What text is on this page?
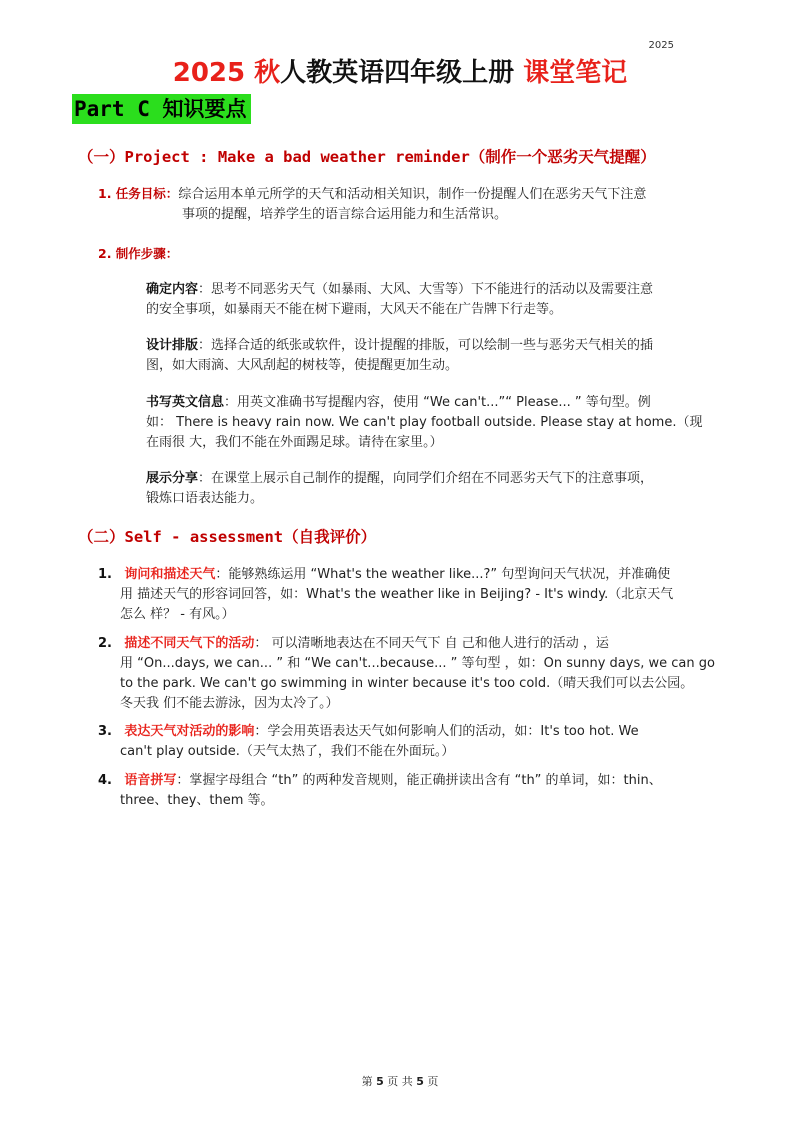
2025
2025 秋人教英语四年级上册 课堂笔记
Part C 知识要点
（一）Project : Make a bad weather reminder（制作一个恶劣天气提醒）
1. 任务目标：综合运用本单元所学的天气和活动相关知识，制作一份提醒人们在恶劣天气下注意
事项的提醒，培养学生的语言综合运用能力和生活常识。
2. 制作步骤：
确定内容：思考不同恶劣天气（如暴雨、大风、大雪等）下不能进行的活动以及需要注意
的安全事项，如暴雨天不能在树下避雨，大风天不能在广告牌下行走等。
设计排版：选择合适的纸张或软件，设计提醒的排版，可以绘制一些与恶劣天气相关的插
图，如大雨滴、大风刮起的树枝等，使提醒更加生动。
书写英文信息：用英文准确书写提醒内容，使用 “We can't...”“ Please... ” 等句型。例
如： There is heavy rain now. We can't play football outside. Please stay at home.（现
在雨很 大，我们不能在外面踢足球。请待在家里。）
展示分享：在课堂上展示自己制作的提醒，向同学们介绍在不同恶劣天气下的注意事项，
锻炼口语表达能力。
（二）Self - assessment（自我评价）
1. 询问和描述天气：能够熟练运用 “What's the weather like...?” 句型询问天气状况，并准确使
用 描述天气的形容词回答，如：What's the weather like in Beijing? - It's windy.（北京天气
怎么 样？ - 有风。）
2. 描述不同天气下的活动： 可以清晰地表达在不同天气下 自 己和他人进行的活动 ，运
用 “On...days, we can... ” 和 “We can't...because... ” 等句型 ，如：On sunny days, we can go
to the park. We can't go swimming in winter because it's too cold.（晴天我们可以去公园。
冬天我 们不能去游泳，因为太冷了。）
3. 表达天气对活动的影响：学会用英语表达天气如何影响人们的活动，如：It's too hot. We
can't play outside.（天气太热了，我们不能在外面玩。）
4. 语音拼写：掌握字母组合 “th” 的两种发音规则，能正确拼读出含有 “th” 的单词，如：thin、
three、they、them 等。
第 5 页 共 5 页
